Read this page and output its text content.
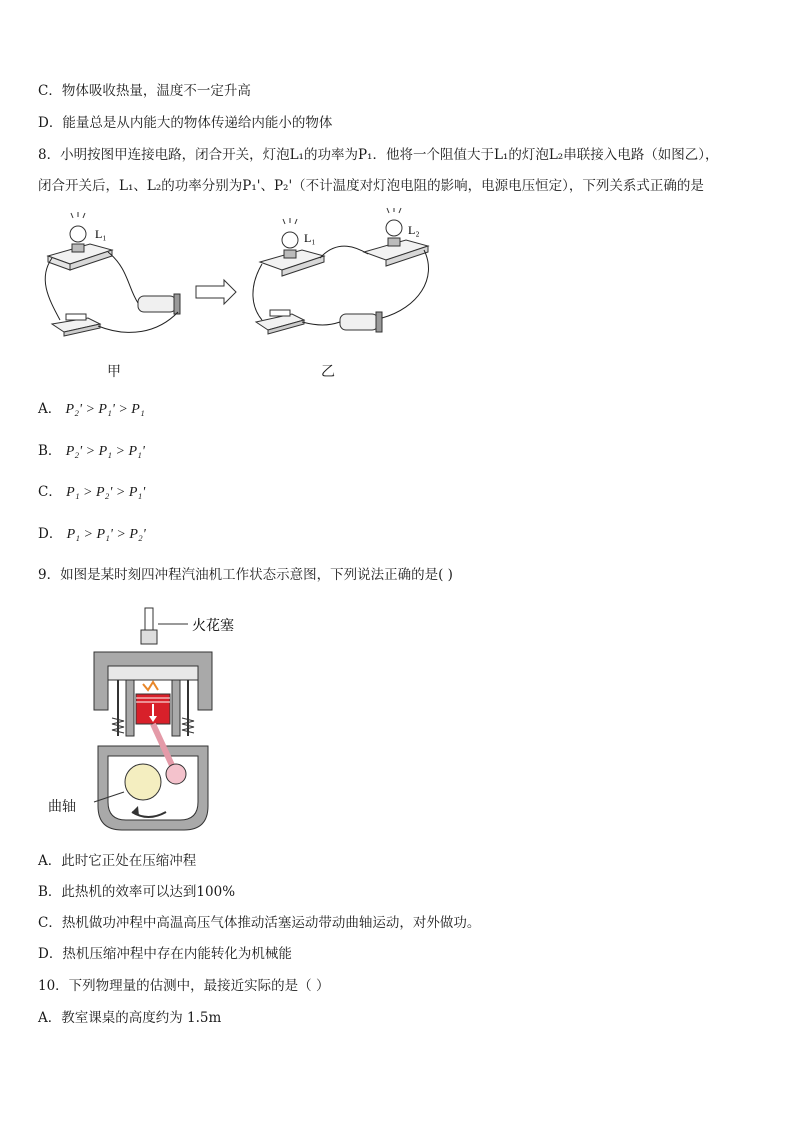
C．物体吸收热量，温度不一定升高
D．能量总是从内能大的物体传递给内能小的物体
8．小明按图甲连接电路，闭合开关，灯泡L₁的功率为P₁．他将一个阻值大于L₁的灯泡L₂串联接入电路（如图乙），
闭合开关后，L₁、L₂的功率分别为P₁'、P₂'（不计温度对灯泡电阻的影响，电源电压恒定），下列关系式正确的是
L₁	L₁
L₂
甲	乙
A． P₂' > P₁' > P₁
B． P₂' > P₁ > P₁'
C． P₁ > P₂' > P₁'
D． P₁ > P₁' > P₂'
9．如图是某时刻四冲程汽油机工作状态示意图，下列说法正确的是( )
火花塞
曲轴
A．此时它正处在压缩冲程
B．此热机的效率可以达到100%
C．热机做功冲程中高温高压气体推动活塞运动带动曲轴运动，对外做功。
D．热机压缩冲程中存在内能转化为机械能
10．下列物理量的估测中，最接近实际的是（ ）
A．教室课桌的高度约为 1.5m
